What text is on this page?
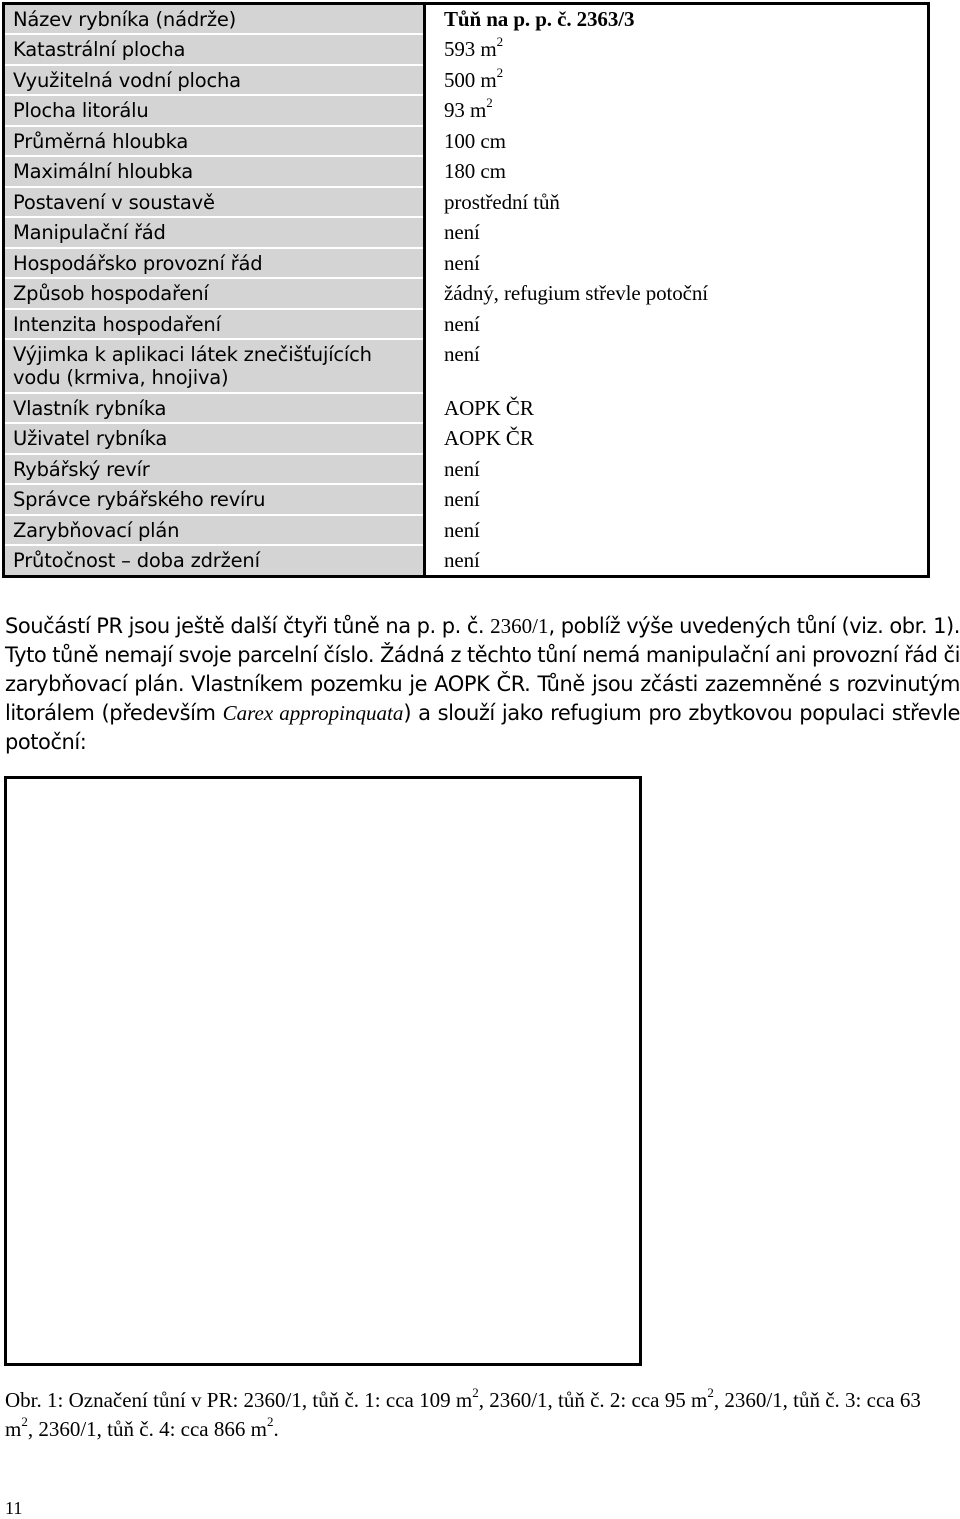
Název rybníka (nádrže)	Tůň na p. p. č. 2363/3
Katastrální plocha	593 $m^2$
Využitelná vodní plocha	500 $m^2$
Plocha litorálu	93 $m^2$
Průměrná hloubka	100 cm
Maximální hloubka	180 cm
Postavení v soustavě	prostřední tůň
Manipulační řád	není
Hospodářsko provozní řád	není
Způsob hospodaření	žádný, refugium střevle potoční
Intenzita hospodaření	není
Výjimka k aplikaci látek znečišťujících vodu (krmiva, hnojiva)	není
Vlastník rybníka	AOPK ČR
Uživatel rybníka	AOPK ČR
Rybářský revír	není
Správce rybářského revíru	není
Zarybňovací plán	není
Průtočnost – doba zdržení	není
Součástí PR jsou ještě další čtyři tůně na p. p. č. 2360/1, poblíž výše uvedených tůní (viz. obr. 1). Tyto tůně nemají svoje parcelní číslo. Žádná z těchto tůní nemá manipulační ani provozní řád či zarybňovací plán. Vlastníkem pozemku je AOPK ČR. Tůně jsou zčásti zazemněné s rozvinutým litorálem (především Carex appropinquata) a slouží jako refugium pro zbytkovou populaci střevle potoční:
Obr. 1: Označení tůní v PR: 2360/1, tůň č. 1: cca 109 $m^2$, 2360/1, tůň č. 2: cca 95 $m^2$, 2360/1, tůň č. 3: cca 63 $m^2$, 2360/1, tůň č. 4: cca 866 $m^2$.
11
